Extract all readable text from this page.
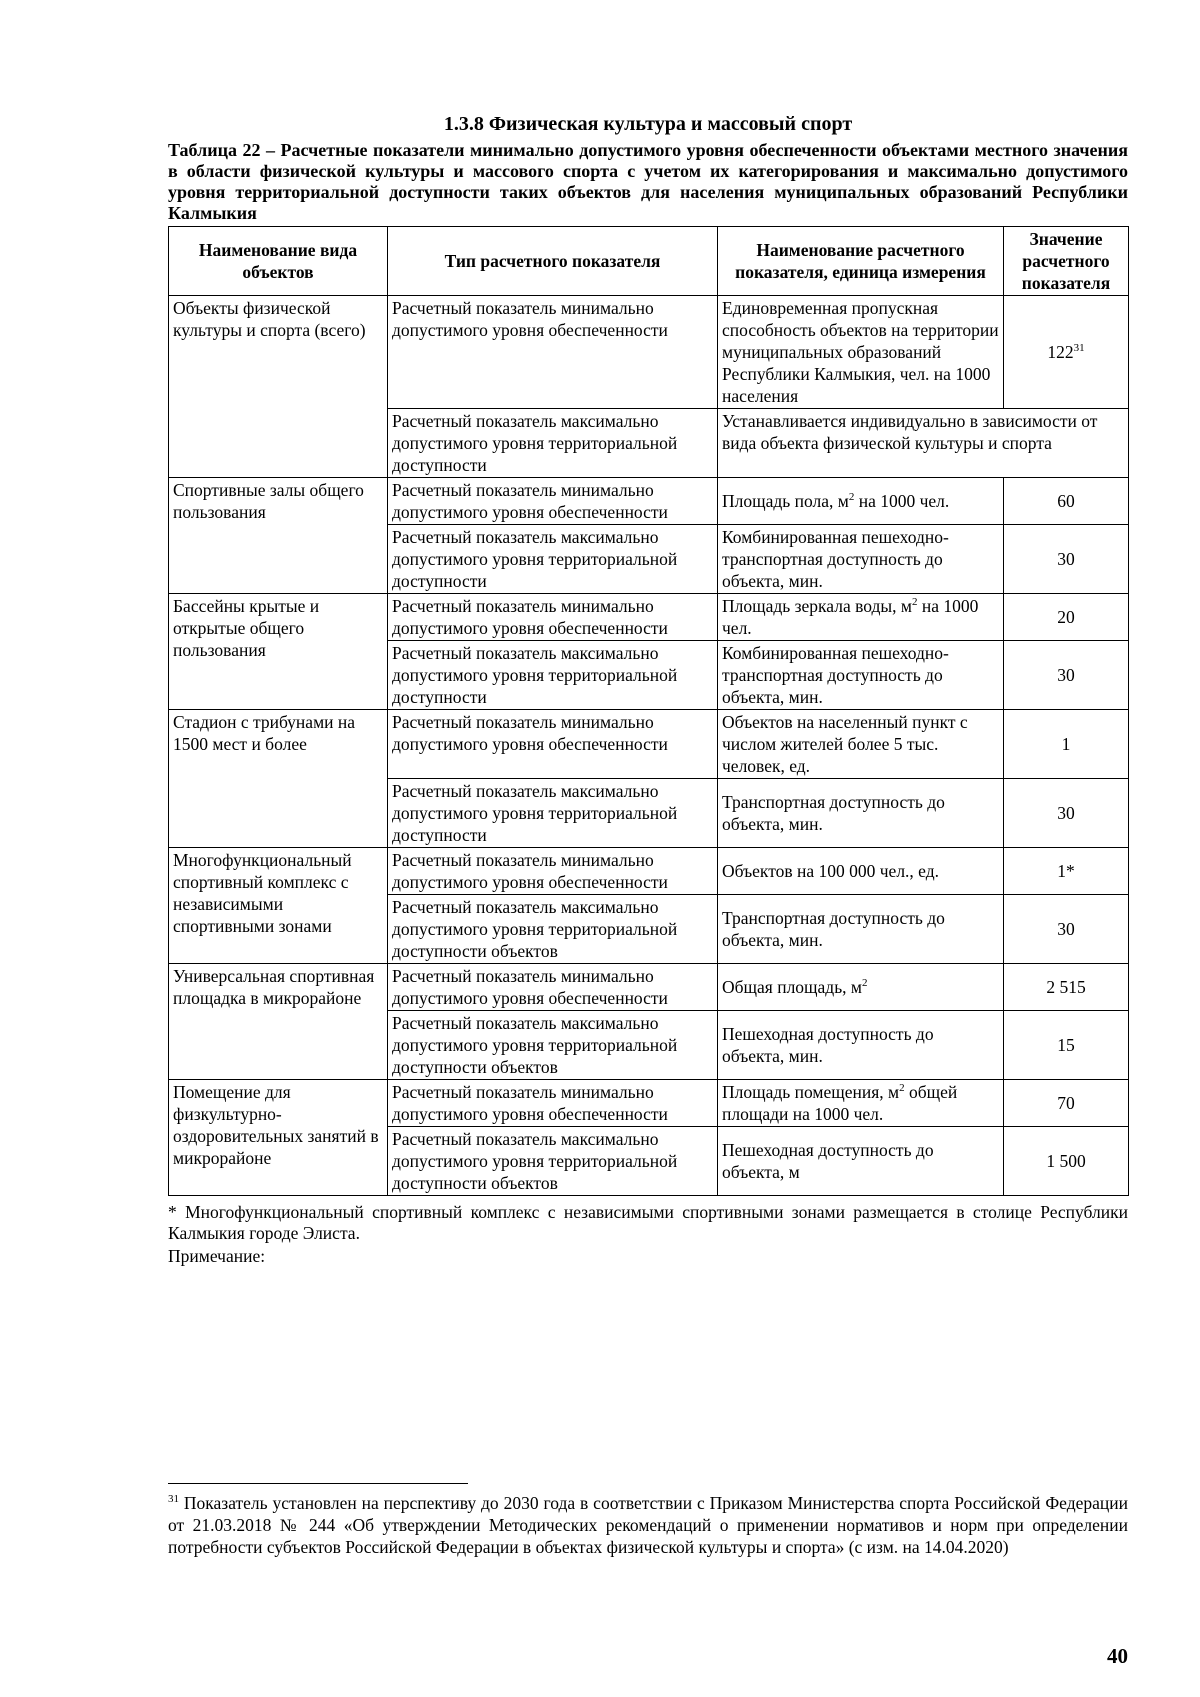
1.3.8 Физическая культура и массовый спорт

Таблица 22 – Расчетные показатели минимально допустимого уровня обеспеченности объектами местного значения в области физической культуры и массового спорта с учетом их категорирования и максимально допустимого уровня территориальной доступности таких объектов для населения муниципальных образований Республики Калмыкия

Наименование вида объектов	Тип расчетного показателя	Наименование расчетного показателя, единица измерения	Значение расчетного показателя
Объекты физической культуры и спорта (всего)	Расчетный показатель минимально допустимого уровня обеспеченности	Единовременная пропускная способность объектов на территории муниципальных образований Республики Калмыкия, чел. на 1000 населения	$122^{31}$
	Расчетный показатель максимально допустимого уровня территориальной доступности	Устанавливается индивидуально в зависимости от вида объекта физической культуры и спорта	
Спортивные залы общего пользования	Расчетный показатель минимально допустимого уровня обеспеченности	Площадь пола, $м^2$ на 1000 чел.	60
	Расчетный показатель максимально допустимого уровня территориальной доступности	Комбинированная пешеходно-транспортная доступность до объекта, мин.	30
Бассейны крытые и открытые общего пользования	Расчетный показатель минимально допустимого уровня обеспеченности	Площадь зеркала воды, $м^2$ на 1000 чел.	20
	Расчетный показатель максимально допустимого уровня территориальной доступности	Комбинированная пешеходно-транспортная доступность до объекта, мин.	30
Стадион с трибунами на 1500 мест и более	Расчетный показатель минимально допустимого уровня обеспеченности	Объектов на населенный пункт с числом жителей более 5 тыс. человек, ед.	1
	Расчетный показатель максимально допустимого уровня территориальной доступности	Транспортная доступность до объекта, мин.	30
Многофункциональный спортивный комплекс с независимыми спортивными зонами	Расчетный показатель минимально допустимого уровня обеспеченности	Объектов на 100 000 чел., ед.	1*
	Расчетный показатель максимально допустимого уровня территориальной доступности объектов	Транспортная доступность до объекта, мин.	30
Универсальная спортивная площадка в микрорайоне	Расчетный показатель минимально допустимого уровня обеспеченности	Общая площадь, $м^2$	2 515
	Расчетный показатель максимально допустимого уровня территориальной доступности объектов	Пешеходная доступность до объекта, мин.	15
Помещение для физкультурно-оздоровительных занятий в микрорайоне	Расчетный показатель минимально допустимого уровня обеспеченности	Площадь помещения, $м^2$ общей площади на 1000 чел.	70
	Расчетный показатель максимально допустимого уровня территориальной доступности объектов	Пешеходная доступность до объекта, м	1 500

* Многофункциональный спортивный комплекс с независимыми спортивными зонами размещается в столице Республики Калмыкия городе Элиста.

Примечание:

$^{31}$ Показатель установлен на перспективу до 2030 года в соответствии с Приказом Министерства спорта Российской Федерации от 21.03.2018 № 244 «Об утверждении Методических рекомендаций о применении нормативов и норм при определении потребности субъектов Российской Федерации в объектах физической культуры и спорта» (с изм. на 14.04.2020)
40
